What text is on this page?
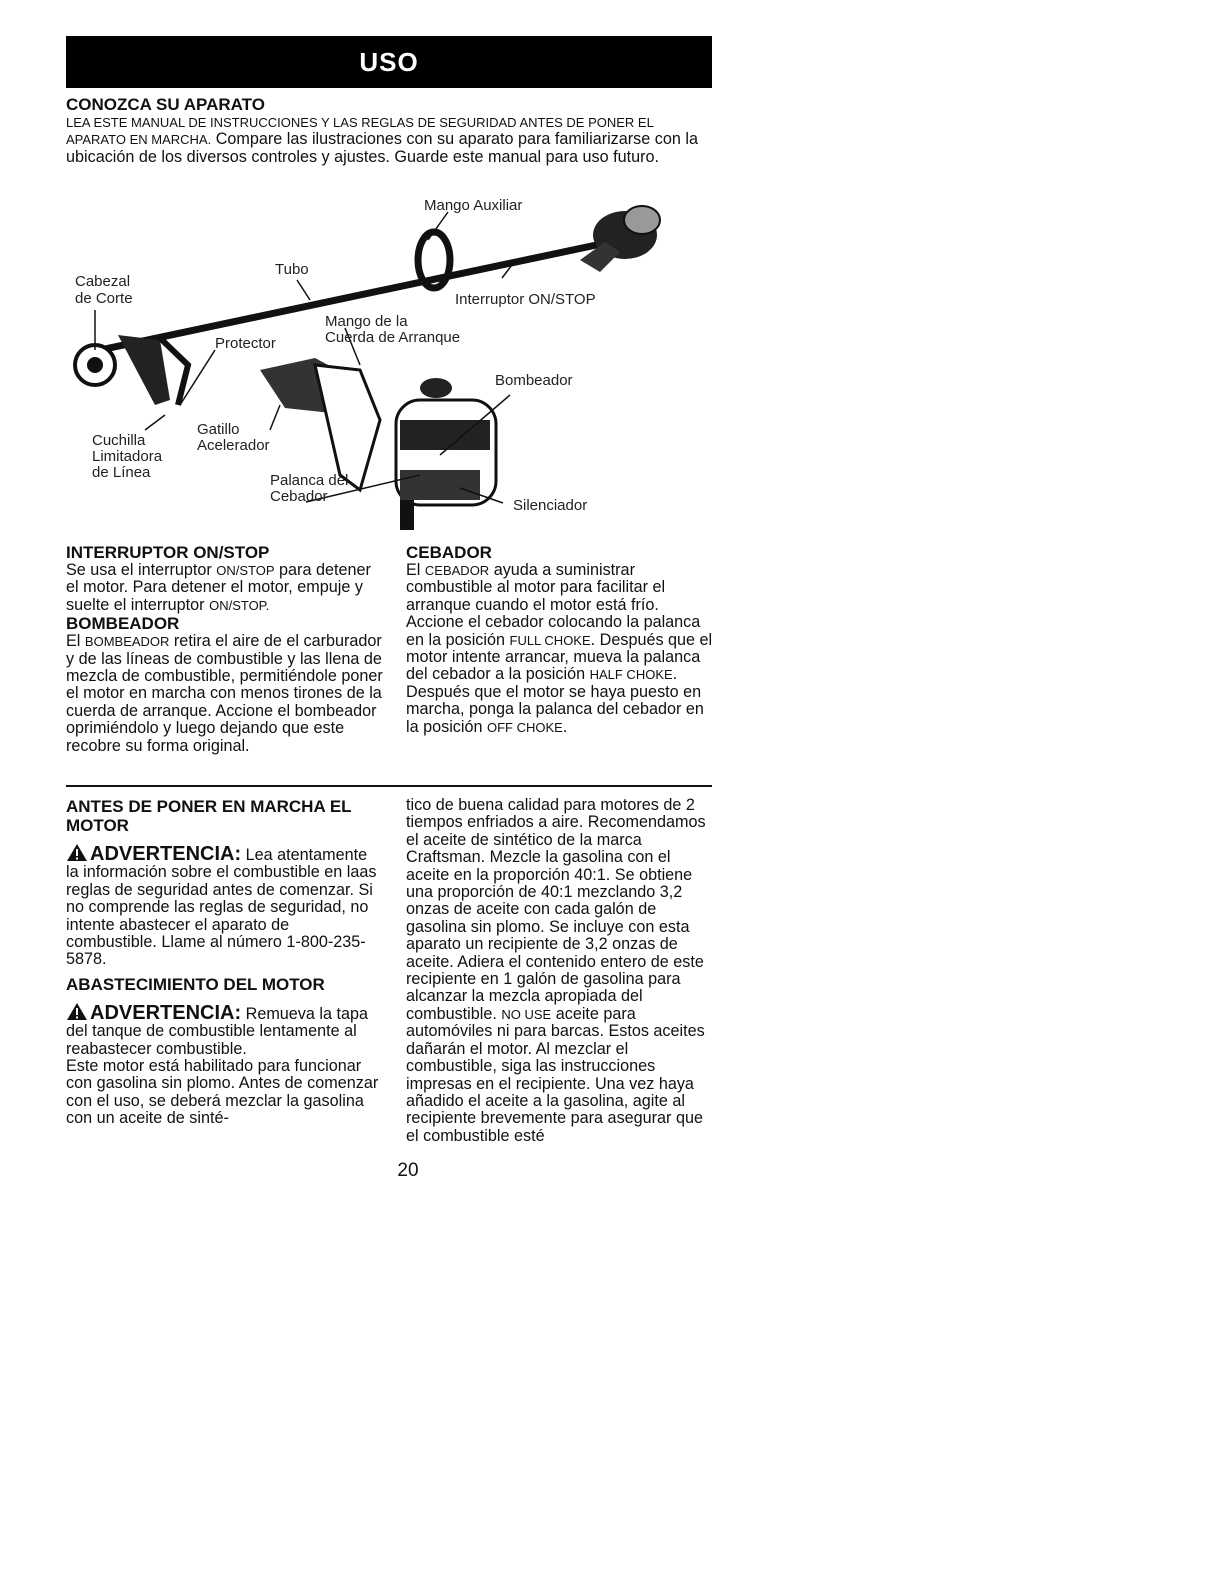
USO
CONOZCA SU APARATO

LEA ESTE MANUAL DE INSTRUCCIONES Y LAS REGLAS DE SEGURIDAD ANTES DE PONER EL APARATO EN MARCHA. Compare las ilustraciones con su aparato para familiarizarse con la ubicación de los diversos controles y ajustes. Guarde este manual para uso futuro.

Mango Auxiliar
Tubo
Cabezal
de Corte	Interruptor ON/STOP
Mango de la
Cuerda de Arranque
Protector
Bombeador
Cuchilla
Limitadora
de Línea
Gatillo
Acelerador
Palanca del
Cebador
Silenciador
INTERRUPTOR ON/STOP

Se usa el interruptor ON/STOP para detener el motor. Para detener el motor, empuje y suelte el interruptor ON/STOP.

BOMBEADOR

El BOMBEADOR retira el aire de el carburador y de las líneas de combustible y las llena de mezcla de combustible, permitiéndole poner el motor en marcha con menos tirones de la cuerda de arranque. Accione el bombeador oprimiéndolo y luego dejando que este recobre su forma original.

CEBADOR

El CEBADOR ayuda a suministrar combustible al motor para facilitar el arranque cuando el motor está frío. Accione el cebador colocando la palanca en la posición FULL CHOKE. Después que el motor intente arrancar, mueva la palanca del cebador a la posición HALF CHOKE. Después que el motor se haya puesto en marcha, ponga la palanca del cebador en la posición OFF CHOKE.

ANTES DE PONER EN MARCHA EL MOTOR

ADVERTENCIA: Lea atentamente la información sobre el combustible en laas reglas de seguridad antes de comenzar. Si no comprende las reglas de seguridad, no intente abastecer el aparato de combustible. Llame al número 1-800-235-5878.

ABASTECIMIENTO DEL MOTOR

ADVERTENCIA: Remueva la tapa del tanque de combustible lentamente al reabastecer combustible.

Este motor está habilitado para funcionar con gasolina sin plomo. Antes de comenzar con el uso, se deberá mezclar la gasolina con un aceite de sinté-

tico de buena calidad para motores de 2 tiempos enfriados a aire. Recomendamos el aceite de sintético de la marca Craftsman. Mezcle la gasolina con el aceite en la proporción 40:1. Se obtiene una proporción de 40:1 mezclando 3,2 onzas de aceite con cada galón de gasolina sin plomo. Se incluye con esta aparato un recipiente de 3,2 onzas de aceite. Adiera el contenido entero de este recipiente en 1 galón de gasolina para alcanzar la mezcla apropiada del combustible. NO USE aceite para automóviles ni para barcas. Estos aceites dañarán el motor. Al mezclar el combustible, siga las instrucciones impresas en el recipiente. Una vez haya añadido el aceite a la gasolina, agite al recipiente brevemente para asegurar que el combustible esté

20
